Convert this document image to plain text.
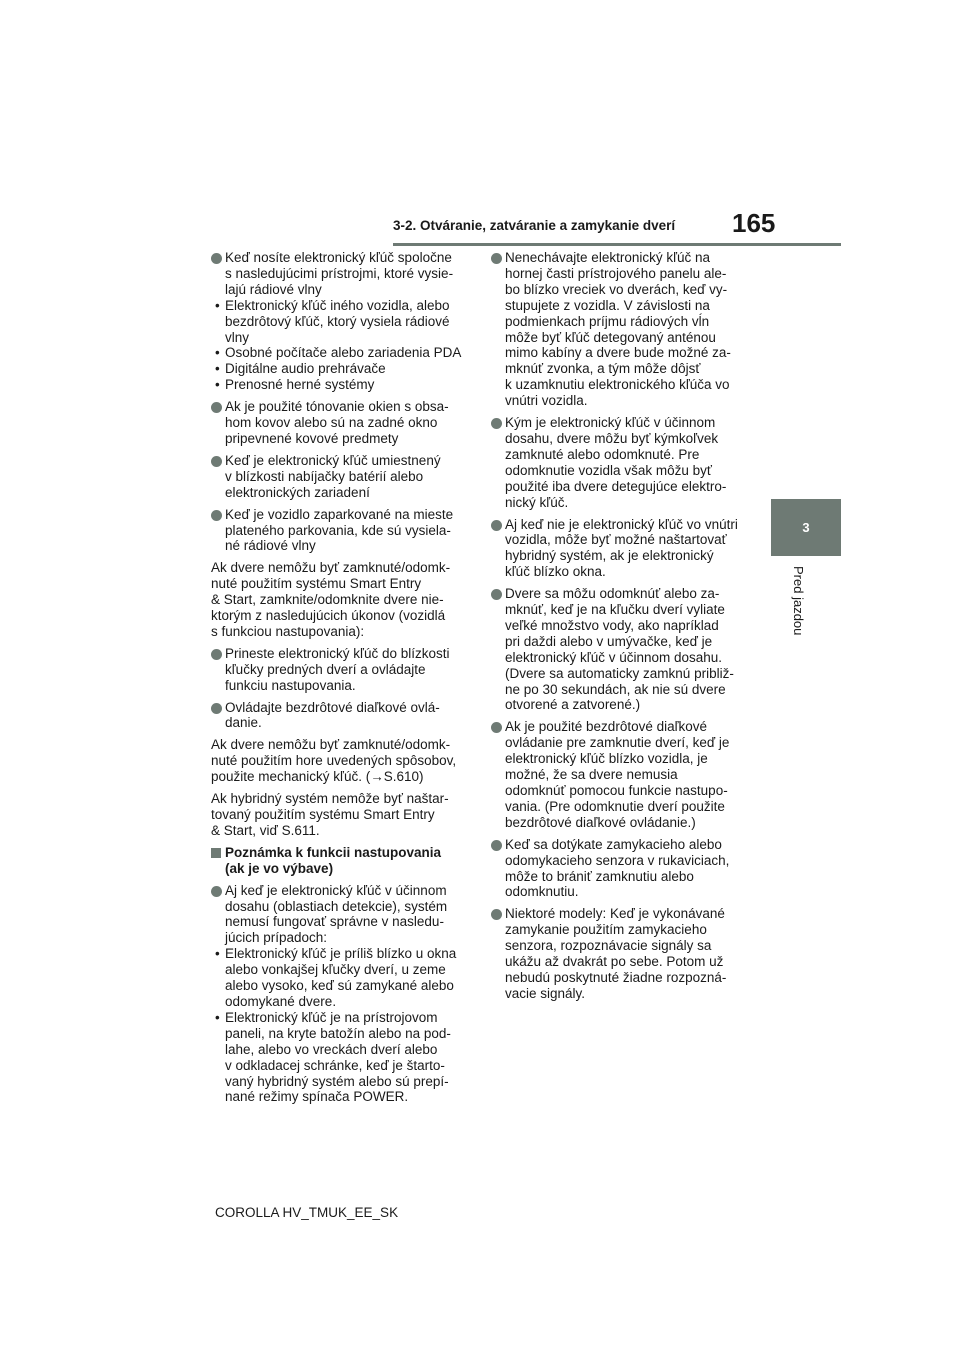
165
3-2. Otváranie, zatváranie a zamykanie dverí
3
Pred jazdou
Keď nosíte elektronický kľúč spoločne
s nasledujúcimi prístrojmi, ktoré vysie-
lajú rádiové vlny
• Elektronický kľúč iného vozidla, alebo
bezdrôtový kľúč, ktorý vysiela rádiové
vlny
• Osobné počítače alebo zariadenia PDA
• Digitálne audio prehrávače
• Prenosné herné systémy
Ak je použité tónovanie okien s obsa-
hom kovov alebo sú na zadné okno
pripevnené kovové predmety
Keď je elektronický kľúč umiestnený
v blízkosti nabíjačky batérií alebo
elektronických zariadení
Keď je vozidlo zaparkované na mieste
plateného parkovania, kde sú vysiela-
né rádiové vlny
Ak dvere nemôžu byť zamknuté/odomk-
nuté použitím systému Smart Entry
& Start, zamknite/odomknite dvere nie-
ktorým z nasledujúcich úkonov (vozidlá
s funkciou nastupovania):
Prineste elektronický kľúč do blízkosti
kľučky predných dverí a ovládajte
funkciu nastupovania.
Ovládajte bezdrôtové diaľkové ovlá-
danie.
Ak dvere nemôžu byť zamknuté/odomk-
nuté použitím hore uvedených spôsobov,
použite mechanický kľúč. (→S.610)
Ak hybridný systém nemôže byť naštar-
tovaný použitím systému Smart Entry
& Start, viď S.611.
Poznámka k funkcii nastupovania
(ak je vo výbave)
Aj keď je elektronický kľúč v účinnom
dosahu (oblastiach detekcie), systém
nemusí fungovať správne v nasledu-
júcich prípadoch:
• Elektronický kľúč je príliš blízko u okna
alebo vonkajšej kľučky dverí, u zeme
alebo vysoko, keď sú zamykané alebo
odomykané dvere.
• Elektronický kľúč je na prístrojovom
paneli, na kryte batožín alebo na pod-
lahe, alebo vo vreckách dverí alebo
v odkladacej schránke, keď je štarto-
vaný hybridný systém alebo sú prepí-
nané režimy spínača POWER.
Nenechávajte elektronický kľúč na
hornej časti prístrojového panelu ale-
bo blízko vreciek vo dverách, keď vy-
stupujete z vozidla. V závislosti na
podmienkach príjmu rádiových vĺn
môže byť kľúč detegovaný anténou
mimo kabíny a dvere bude možné za-
mknúť zvonka, a tým môže dôjsť
k uzamknutiu elektronického kľúča vo
vnútri vozidla.
Kým je elektronický kľúč v účinnom
dosahu, dvere môžu byť kýmkoľvek
zamknuté alebo odomknuté. Pre
odomknutie vozidla však môžu byť
použité iba dvere detegujúce elektro-
nický kľúč.
Aj keď nie je elektronický kľúč vo vnútri
vozidla, môže byť možné naštartovať
hybridný systém, ak je elektronický
kľúč blízko okna.
Dvere sa môžu odomknúť alebo za-
mknúť, keď je na kľučku dverí vyliate
veľké množstvo vody, ako napríklad
pri daždi alebo v umývačke, keď je
elektronický kľúč v účinnom dosahu.
(Dvere sa automaticky zamknú približ-
ne po 30 sekundách, ak nie sú dvere
otvorené a zatvorené.)
Ak je použité bezdrôtové diaľkové
ovládanie pre zamknutie dverí, keď je
elektronický kľúč blízko vozidla, je
možné, že sa dvere nemusia
odomknúť pomocou funkcie nastupo-
vania. (Pre odomknutie dverí použite
bezdrôtové diaľkové ovládanie.)
Keď sa dotýkate zamykacieho alebo
odomykacieho senzora v rukaviciach,
môže to brániť zamknutiu alebo
odomknutiu.
Niektoré modely: Keď je vykonávané
zamykanie použitím zamykacieho
senzora, rozpoznávacie signály sa
ukážu až dvakrát po sebe. Potom už
nebudú poskytnuté žiadne rozpozná-
vacie signály.
COROLLA HV_TMUK_EE_SK
